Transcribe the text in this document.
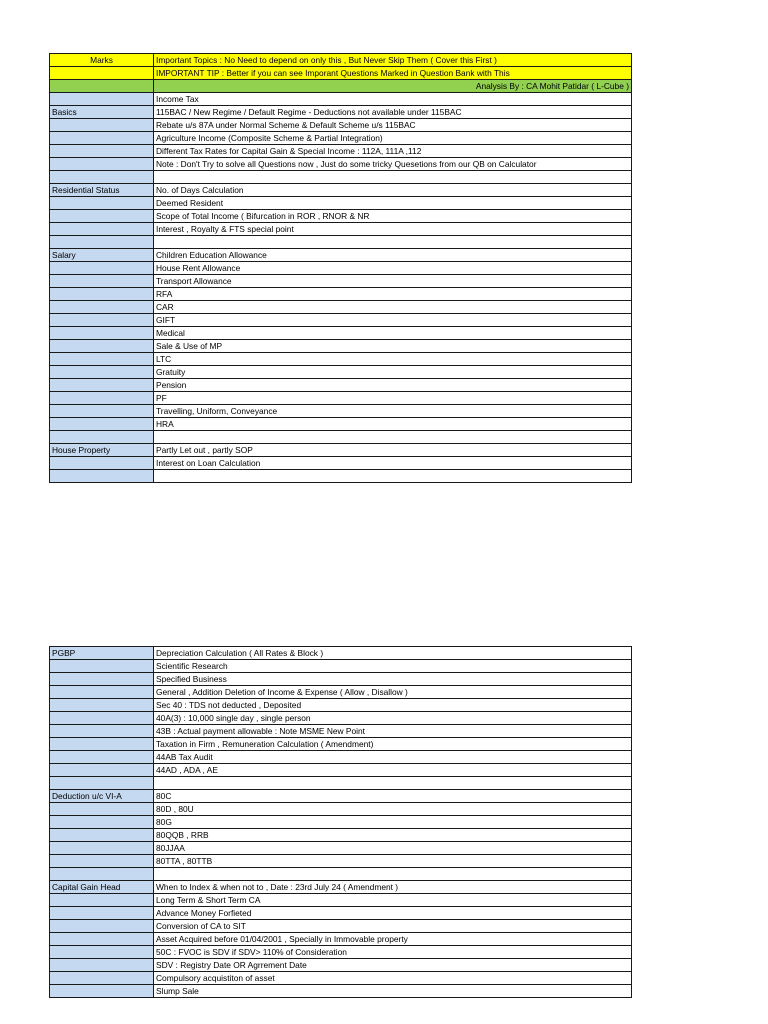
Marks	Important Topics : No Need to depend on only this , But Never Skip Them ( Cover this First )
	IMPORTANT TIP : Better if you can see Imporant Questions Marked in Question Bank with This
	Analysis By : CA Mohit Patidar ( L-Cube )
	Income Tax
Basics	115BAC / New Regime / Default Regime - Deductions not available under 115BAC
	Rebate u/s 87A under Normal Scheme & Default Scheme u/s 115BAC
	Agriculture Income (Composite Scheme & Partial Integration)
	Different Tax Rates for Capital Gain & Special Income : 112A, 111A ,112
	Note : Don't Try to solve all Questions now , Just do some tricky Quesetions from our QB on Calculator

Residential Status	No. of Days Calculation
	Deemed Resident
	Scope of Total Income ( Bifurcation in ROR , RNOR & NR
	Interest , Royalty & FTS special point

Salary	Children Education Allowance
	House Rent Allowance
	Transport Allowance
	RFA
	CAR
	GIFT
	Medical
	Sale & Use of MP
	LTC
	Gratuity
	Pension
	PF
	Travelling, Uniform, Conveyance
	HRA

House Property	Partly Let out , partly SOP
	Interest on Loan Calculation

PGBP	Depreciation Calculation ( All Rates & Block )
	Scientific Research
	Specified Business
	General , Addition Deletion of Income & Expense ( Allow , Disallow )
	Sec 40 : TDS not deducted , Deposited
	40A(3) : 10,000 single day , single person
	43B : Actual payment allowable : Note MSME New Point
	Taxation in Firm , Remuneration Calculation ( Amendment)
	44AB Tax Audit
	44AD , ADA , AE

Deduction u/c VI-A	80C
	80D , 80U
	80G
	80QQB , RRB
	80JJAA
	80TTA , 80TTB

Capital Gain Head	When to Index & when not to , Date : 23rd July 24 ( Amendment )
	Long Term & Short Term CA
	Advance Money Forfieted
	Conversion of CA to SIT
	Asset Acquired before 01/04/2001 , Specially in Immovable property
	50C : FVOC is SDV if SDV> 110% of Consideration
	SDV : Registry Date OR Agrrement Date
	Compulsory acquistiton of asset
	Slump Sale
